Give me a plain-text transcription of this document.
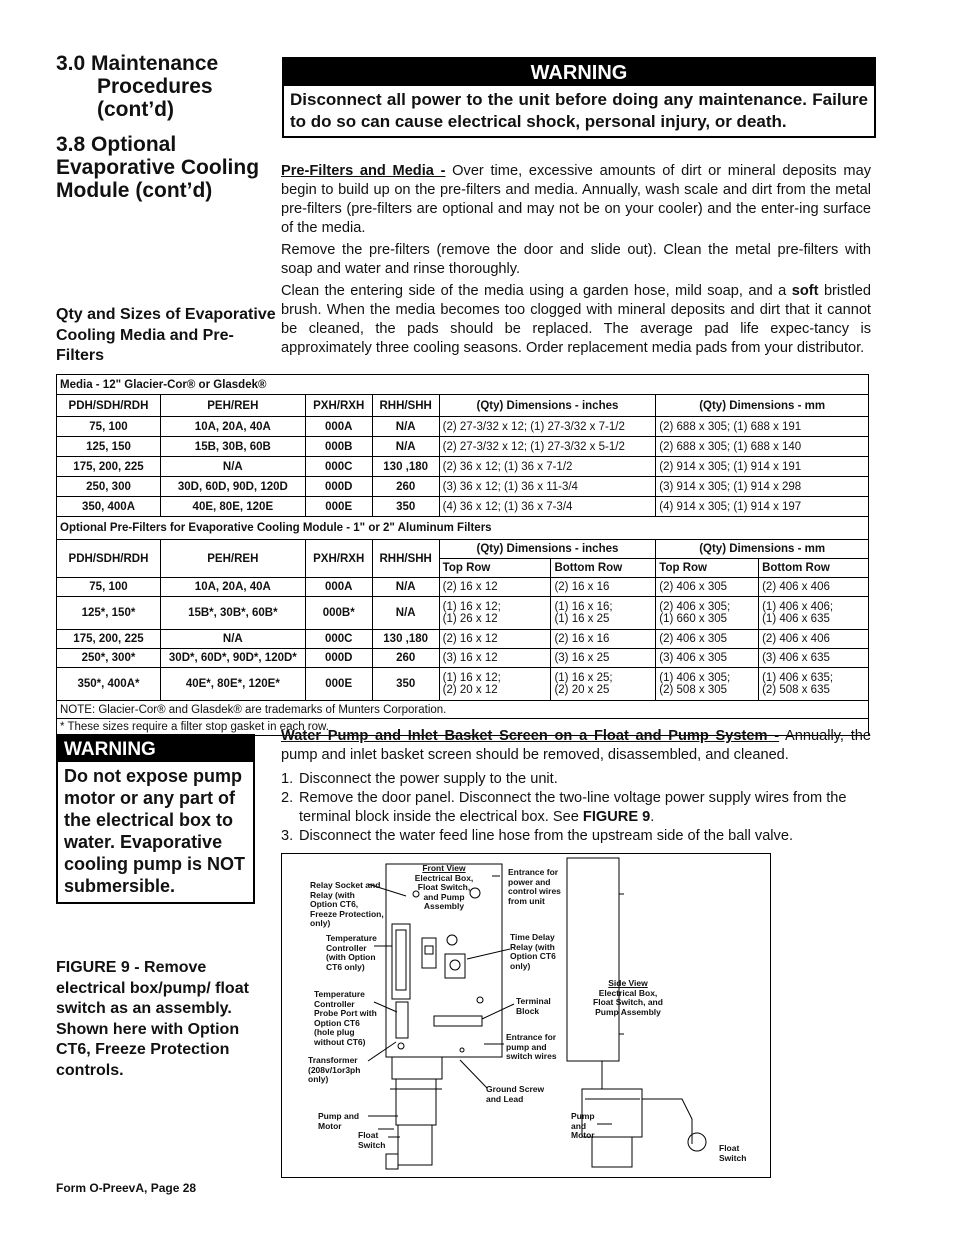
3.0 Maintenance
Procedures
(cont’d)
3.8 Optional Evaporative Cooling Module (cont’d)
WARNING
Disconnect all power to the unit before doing any maintenance. Failure to do so can cause electrical shock, personal injury, or death.

Pre-Filters and Media - Over time, excessive amounts of dirt or mineral deposits may begin to build up on the pre-filters and media. Annually, wash scale and dirt from the metal pre-filters (pre-filters are optional and may not be on your cooler) and the enter-ing surface of the media.

Remove the pre-filters (remove the door and slide out). Clean the metal pre-filters with soap and water and rinse thoroughly.

Clean the entering side of the media using a garden hose, mild soap, and a soft bristled brush. When the media becomes too clogged with mineral deposits and dirt that it cannot be cleaned, the pads should be replaced. The average pad life expec-tancy is approximately three cooling seasons. Order replacement media pads from your distributor.

Qty and Sizes of Evaporative Cooling Media and Pre-Filters
Media - 12" Glacier-Cor® or Glasdek®							
PDH/SDH/RDH	PEH/REH	PXH/RXH	RHH/SHH	(Qty) Dimensions - inches		(Qty) Dimensions - mm	
75, 100	10A, 20A, 40A	000A	N/A	(2) 27-3/32 x 12; (1) 27-3/32 x 7-1/2		(2) 688 x 305; (1) 688 x 191	
125, 150	15B, 30B, 60B	000B	N/A	(2) 27-3/32 x 12; (1) 27-3/32 x 5-1/2		(2) 688 x 305; (1) 688 x 140	
175, 200, 225	N/A	000C	130 ,180	(2) 36 x 12; (1) 36 x 7-1/2		(2) 914 x 305; (1) 914 x 191	
250, 300	30D, 60D, 90D, 120D	000D	260	(3) 36 x 12; (1) 36 x 11-3/4		(3) 914 x 305; (1) 914 x 298	
350, 400A	40E, 80E, 120E	000E	350	(4) 36 x 12; (1) 36 x 7-3/4		(4) 914 x 305; (1) 914 x 197	
Optional Pre-Filters for Evaporative Cooling Module - 1" or 2" Aluminum Filters							
PDH/SDH/RDH	PEH/REH	PXH/RXH	RHH/SHH	(Qty) Dimensions - inches		(Qty) Dimensions - mm	
				Top Row	Bottom Row	Top Row	Bottom Row
75, 100	10A, 20A, 40A	000A	N/A	(2) 16 x 12	(2) 16 x 16	(2) 406 x 305	(2) 406 x 406
125*, 150*	15B*, 30B*, 60B*	000B*	N/A	(1) 16 x 12;
(1) 26 x 12	(1) 16 x 16;
(1) 16 x 25	(2) 406 x 305;
(1) 660 x 305	(1) 406 x 406;
(1) 406 x 635
175, 200, 225	N/A	000C	130 ,180	(2) 16 x 12	(2) 16 x 16	(2) 406 x 305	(2) 406 x 406
250*, 300*	30D*, 60D*, 90D*, 120D*	000D	260	(3) 16 x 12	(3) 16 x 25	(3) 406 x 305	(3) 406 x 635
350*, 400A*	40E*, 80E*, 120E*	000E	350	(1) 16 x 12;
(2) 20 x 12	(1) 16 x 25;
(2) 20 x 25	(1) 406 x 305;
(2) 508 x 305	(1) 406 x 635;
(2) 508 x 635
NOTE: Glacier-Cor® and Glasdek® are trademarks of Munters Corporation.							
* These sizes require a filter stop gasket in each row.							
WARNING
Do not expose pump motor or any part of the electrical box to water. Evaporative cooling pump is NOT submersible.
FIGURE 9 - Remove electrical box/pump/ float switch as an assembly. Shown here with Option CT6, Freeze Protection controls.

Water Pump and Inlet Basket Screen on a Float and Pump System - Annually, the pump and inlet basket screen should be removed, disassembled, and cleaned.

1. Disconnect the power supply to the unit.
2. Remove the door panel. Disconnect the two-line voltage power supply wires from the terminal block inside the electrical box. See FIGURE 9.
3. Disconnect the water feed line hose from the upstream side of the ball valve.
Front View
Electrical Box, Float Switch, and Pump Assembly
Relay Socket and Relay (with Option CT6, Freeze Protection, only)
Entrance for power and control wires from unit
Temperature Controller (with Option CT6 only)
Time Delay Relay (with Option CT6 only)
Temperature Controller Probe Port with Option CT6 (hole plug without CT6)
Terminal Block
Entrance for pump and switch wires
Transformer (208v/1or3ph only)
Ground Screw and Lead
Pump and Motor
Float Switch
Side View
Electrical Box, Float Switch, and Pump Assembly
Pump and Motor
Float Switch
Form O-PreevA, Page 28
